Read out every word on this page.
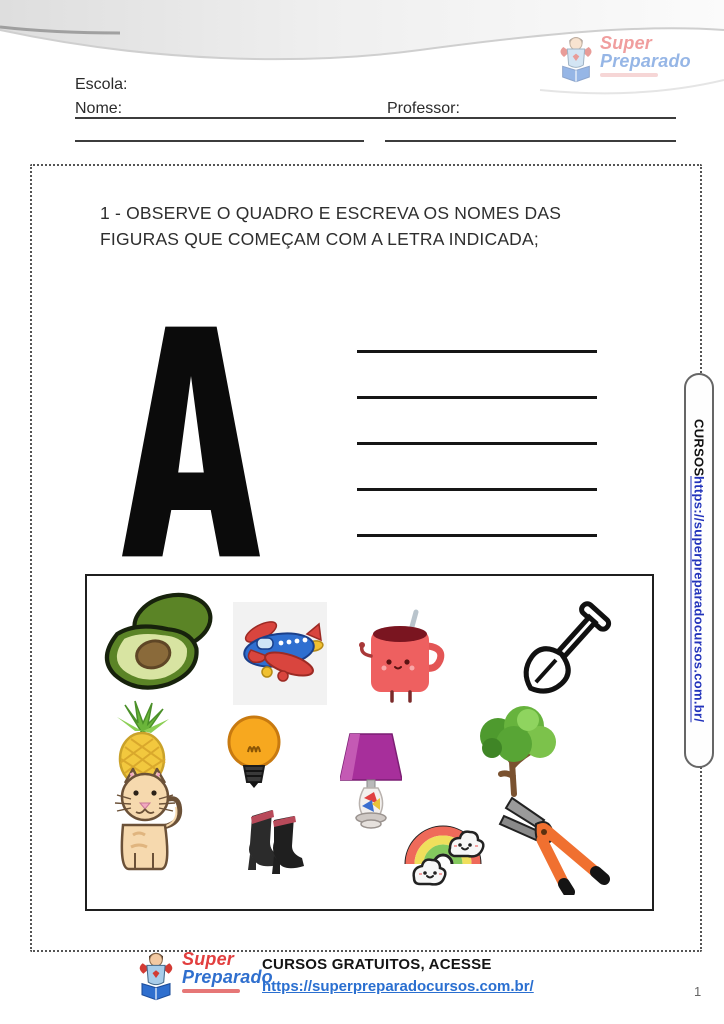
Super
Preparado
Escola:
Nome:	Professor:
1 - OBSERVE O QUADRO E ESCREVA OS NOMES DAS
FIGURAS QUE COMEÇAM COM A LETRA INDICADA;
CURSOS
https://superpreparadocursos.com.br/
Super
Preparado
CURSOS GRATUITOS, ACESSE
https://superpreparadocursos.com.br/	1
